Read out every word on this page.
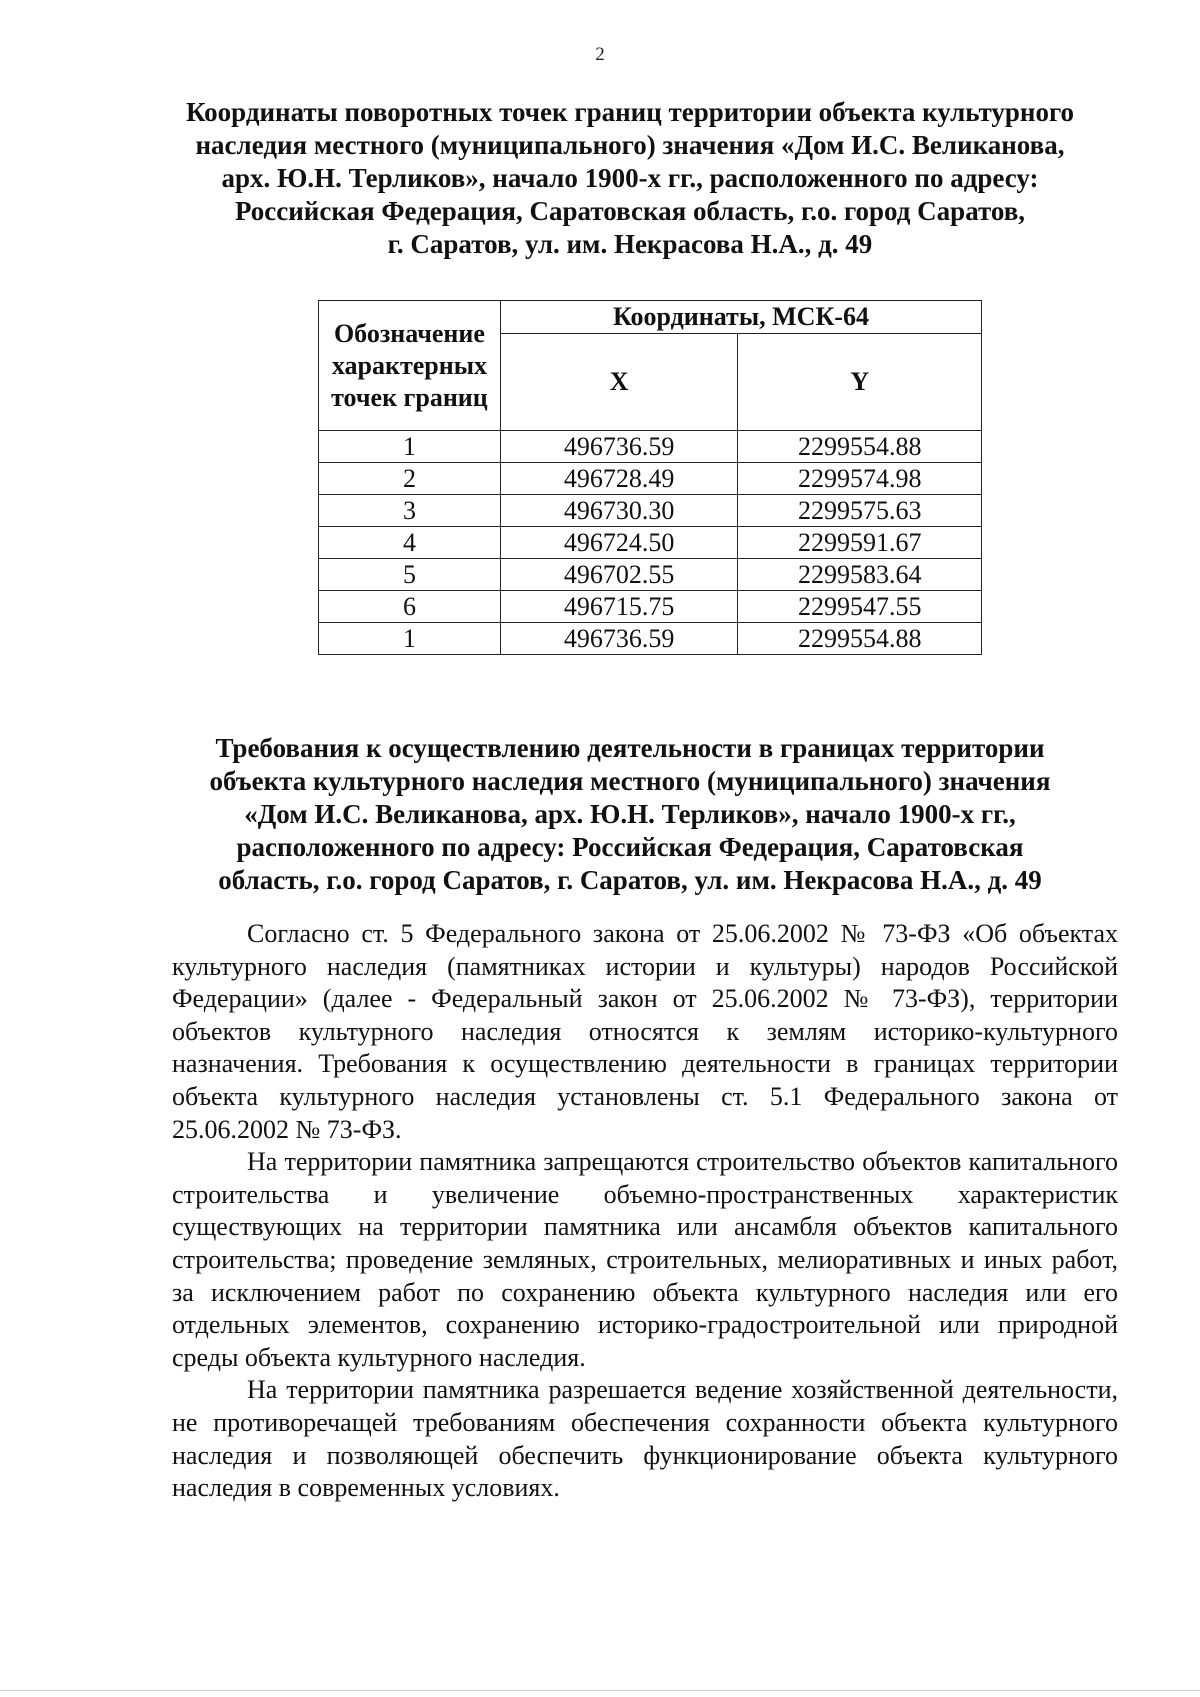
2
Координаты поворотных точек границ территории объекта культурного
наследия местного (муниципального) значения «Дом И.С. Великанова,
арх. Ю.Н. Терликов», начало 1900-х гг., расположенного по адресу:
Российская Федерация, Саратовская область, г.о. город Саратов,
г. Саратов, ул. им. Некрасова Н.А., д. 49
Обозначение характерных точек границ	Координаты, МСК-64	
	X	Y
1	496736.59	2299554.88
2	496728.49	2299574.98
3	496730.30	2299575.63
4	496724.50	2299591.67
5	496702.55	2299583.64
6	496715.75	2299547.55
1	496736.59	2299554.88
Требования к осуществлению деятельности в границах территории
объекта культурного наследия местного (муниципального) значения
«Дом И.С. Великанова, арх. Ю.Н. Терликов», начало 1900-х гг.,
расположенного по адресу: Российская Федерация, Саратовская
область, г.о. город Саратов, г. Саратов, ул. им. Некрасова Н.А., д. 49

Согласно ст. 5 Федерального закона от 25.06.2002 № 73-ФЗ «Об объектах культурного наследия (памятниках истории и культуры) народов Российской Федерации» (далее - Федеральный закон от 25.06.2002 № 73-ФЗ), территории объектов культурного наследия относятся к землям историко-культурного назначения. Требования к осуществлению деятельности в границах территории объекта культурного наследия установлены ст. 5.1 Федерального закона от 25.06.2002 № 73-ФЗ.

На территории памятника запрещаются строительство объектов капитального строительства и увеличение объемно-пространственных характеристик существующих на территории памятника или ансамбля объектов капитального строительства; проведение земляных, строительных, мелиоративных и иных работ, за исключением работ по сохранению объекта культурного наследия или его отдельных элементов, сохранению историко-градостроительной или природной среды объекта культурного наследия.

На территории памятника разрешается ведение хозяйственной деятельности, не противоречащей требованиям обеспечения сохранности объекта культурного наследия и позволяющей обеспечить функционирование объекта культурного наследия в современных условиях.
